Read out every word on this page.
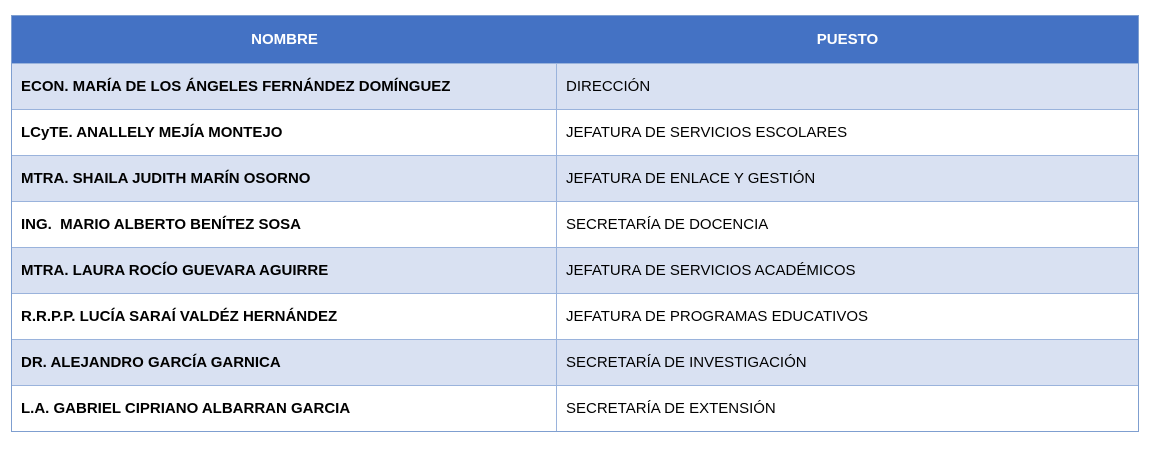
NOMBRE	PUESTO
ECON. MARÍA DE LOS ÁNGELES FERNÁNDEZ DOMÍNGUEZ	DIRECCIÓN
LCyTE. ANALLELY MEJÍA MONTEJO	JEFATURA DE SERVICIOS ESCOLARES
MTRA. SHAILA JUDITH MARÍN OSORNO	JEFATURA DE ENLACE Y GESTIÓN
ING.  MARIO ALBERTO BENÍTEZ SOSA	SECRETARÍA DE DOCENCIA
MTRA. LAURA ROCÍO GUEVARA AGUIRRE	JEFATURA DE SERVICIOS ACADÉMICOS
R.R.P.P. LUCÍA SARAÍ VALDÉZ HERNÁNDEZ	JEFATURA DE PROGRAMAS EDUCATIVOS
DR. ALEJANDRO GARCÍA GARNICA	SECRETARÍA DE INVESTIGACIÓN
L.A. GABRIEL CIPRIANO ALBARRAN GARCIA	SECRETARÍA DE EXTENSIÓN
